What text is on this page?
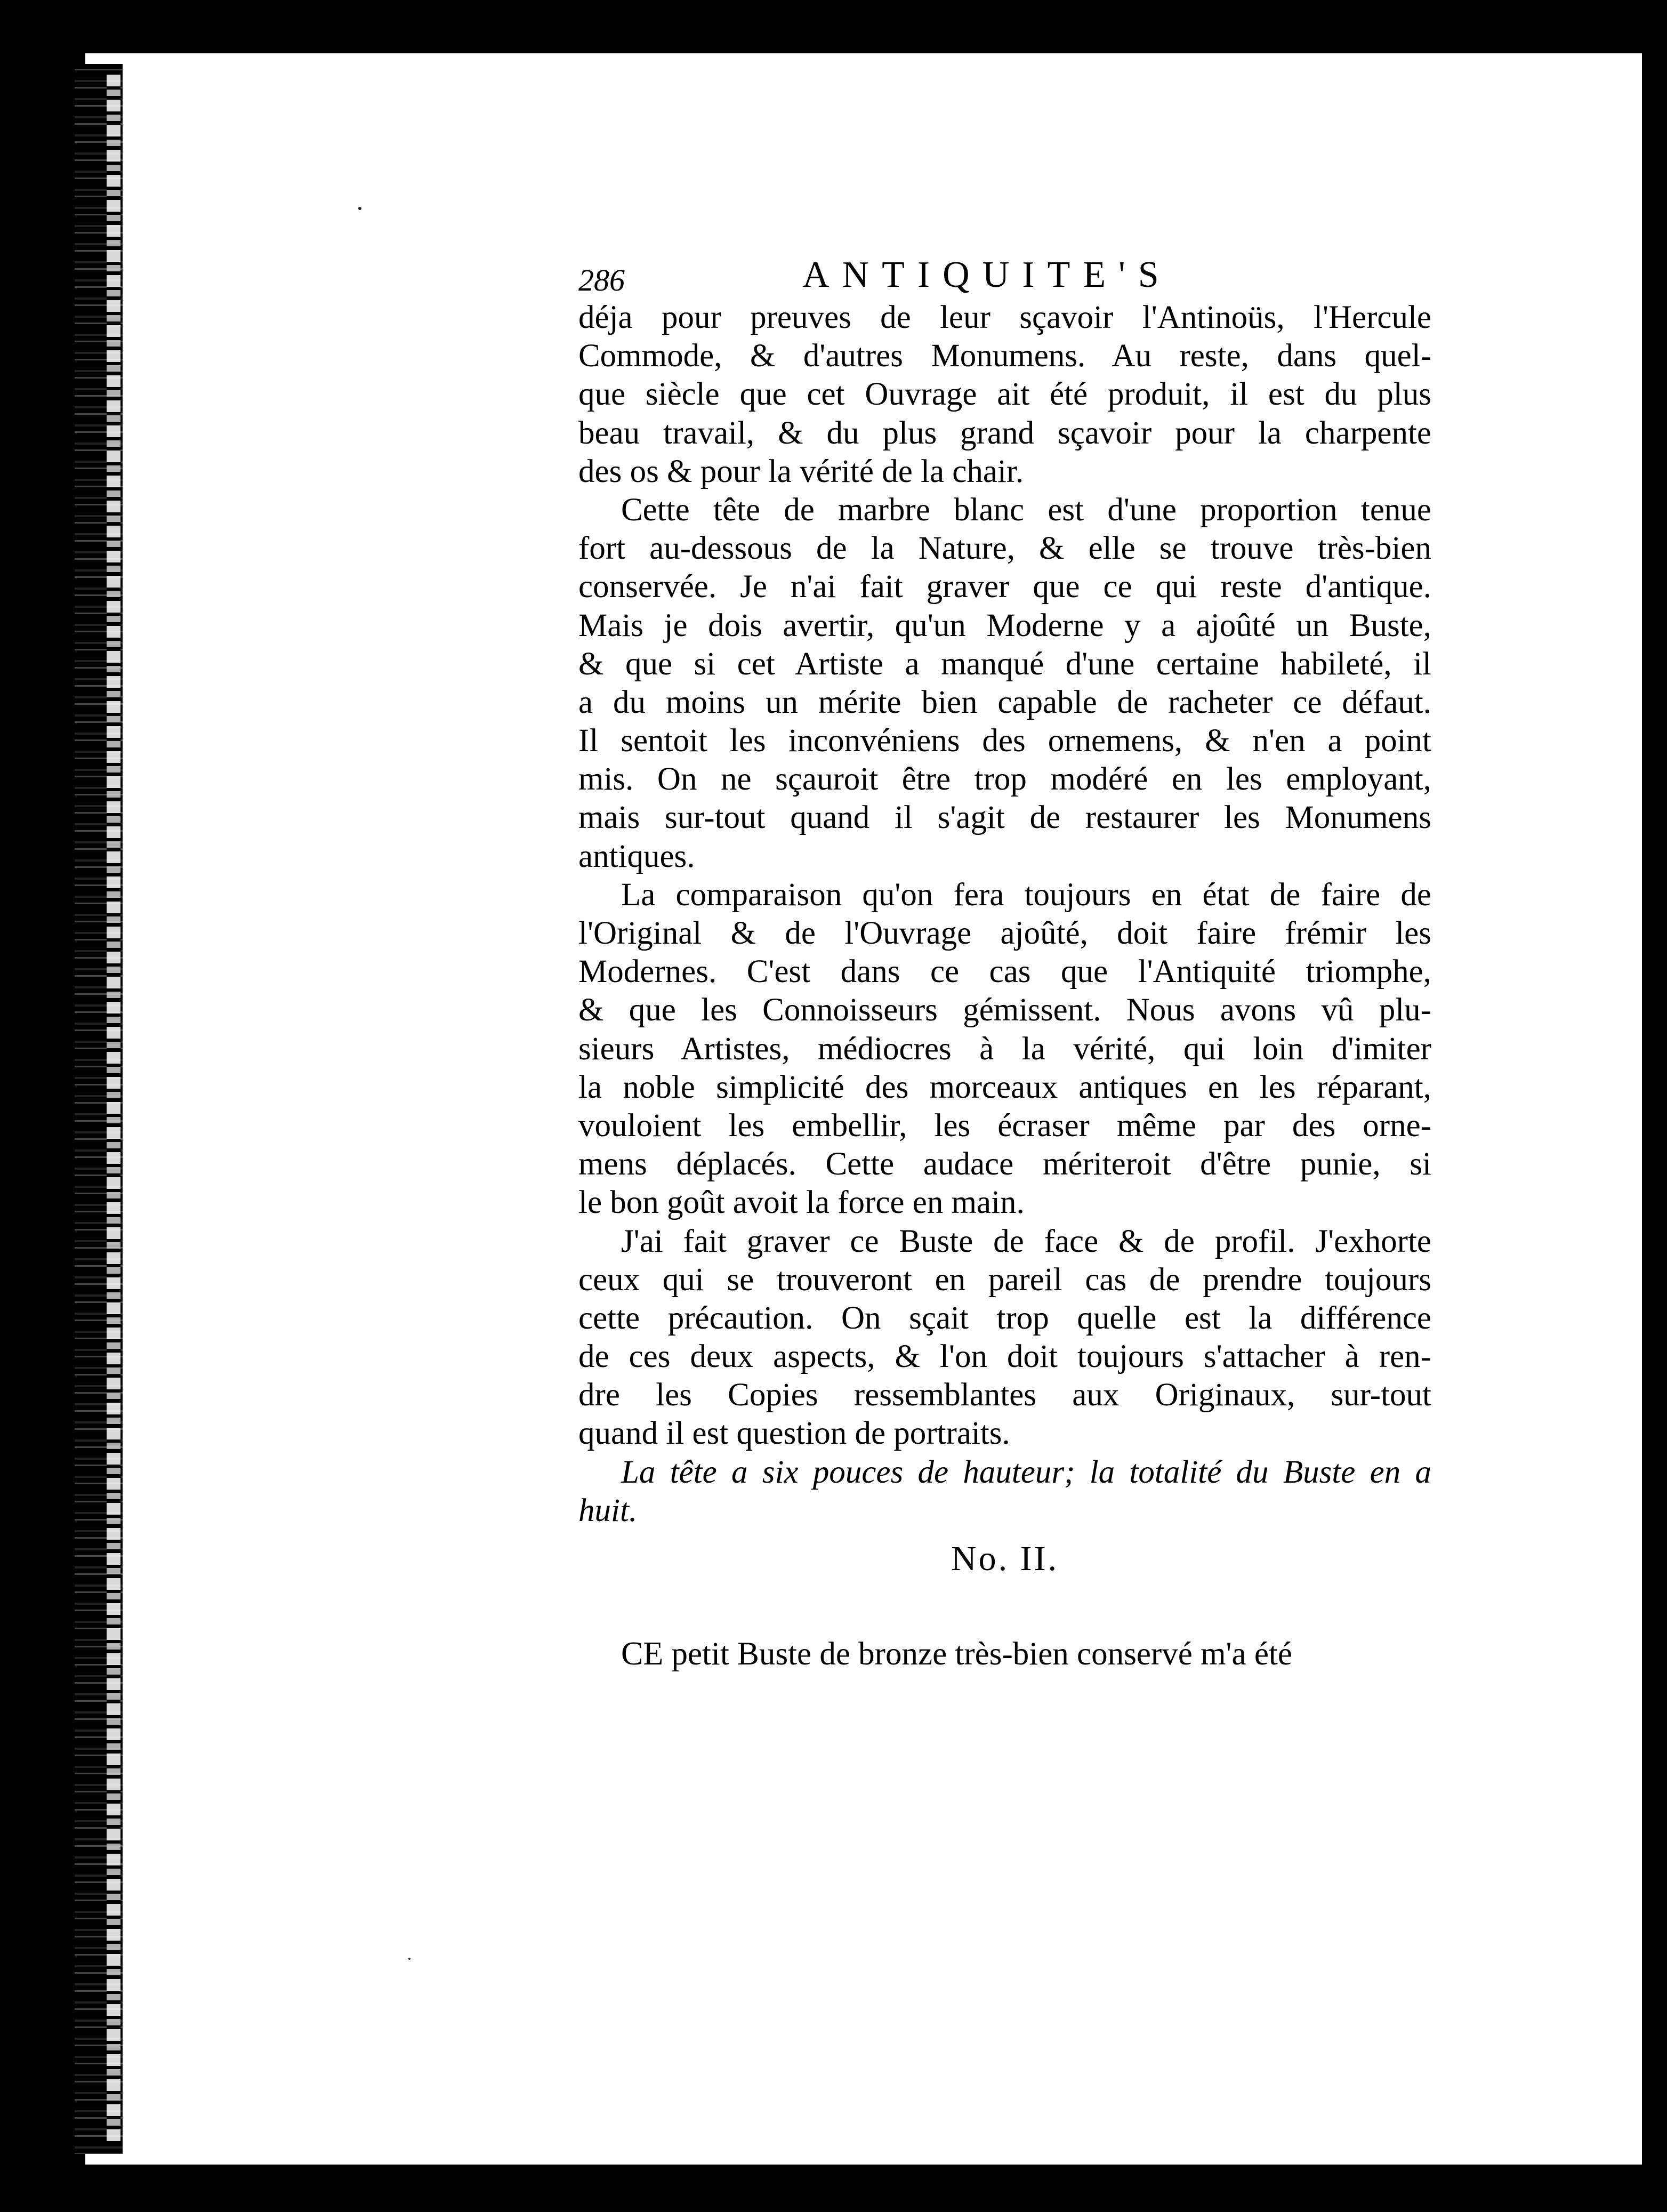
286	ANTIQUITE'S
déja pour preuves de leur sçavoir l'Antinoüs, l'Hercule
Commode, & d'autres Monumens. Au reste, dans quel-
que siècle que cet Ouvrage ait été produit, il est du plus
beau travail, & du plus grand sçavoir pour la charpente
des os & pour la vérité de la chair.
Cette tête de marbre blanc est d'une proportion tenue
fort au-dessous de la Nature, & elle se trouve très-bien
conservée. Je n'ai fait graver que ce qui reste d'antique.
Mais je dois avertir, qu'un Moderne y a ajoûté un Buste,
& que si cet Artiste a manqué d'une certaine habileté, il
a du moins un mérite bien capable de racheter ce défaut.
Il sentoit les inconvéniens des ornemens, & n'en a point
mis. On ne sçauroit être trop modéré en les employant,
mais sur-tout quand il s'agit de restaurer les Monumens
antiques.
La comparaison qu'on fera toujours en état de faire de
l'Original & de l'Ouvrage ajoûté, doit faire frémir les
Modernes. C'est dans ce cas que l'Antiquité triomphe,
& que les Connoisseurs gémissent. Nous avons vû plu-
sieurs Artistes, médiocres à la vérité, qui loin d'imiter
la noble simplicité des morceaux antiques en les réparant,
vouloient les embellir, les écraser même par des orne-
mens déplacés. Cette audace mériteroit d'être punie, si
le bon goût avoit la force en main.
J'ai fait graver ce Buste de face & de profil. J'exhorte
ceux qui se trouveront en pareil cas de prendre toujours
cette précaution. On sçait trop quelle est la différence
de ces deux aspects, & l'on doit toujours s'attacher à ren-
dre les Copies ressemblantes aux Originaux, sur-tout
quand il est question de portraits.
La tête a six pouces de hauteur; la totalité du Buste en a
huit.
No. II.
CE petit Buste de bronze très-bien conservé m'a été
